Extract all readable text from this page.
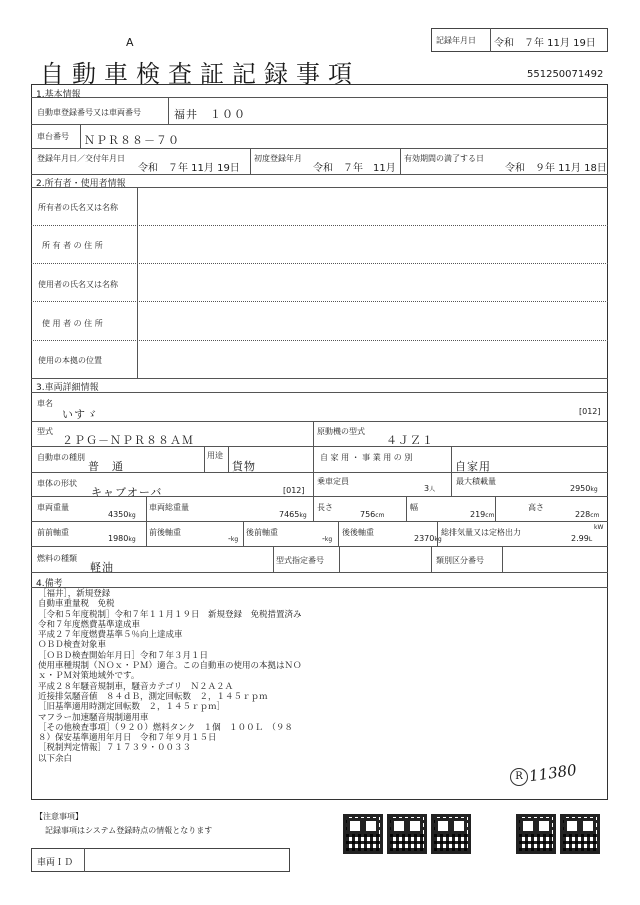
A
自動車検査証記録事項
記録年月日 令和　７年 11月 19日
551250071492
1.基本情報
自動車登録番号又は車両番号	福井　１００
車台番号 ＮＰＲ８８－７０
登録年月日／交付年月日
令和　７年 11月 19日
初度登録年月
令和　７年　11月
有効期間の満了する日
令和　９年 11月 18日
2.所有者・使用者情報
所有者の氏名又は名称
所 有 者 の 住 所
使用者の氏名又は名称
使 用 者 の 住 所
使用の本拠の位置
3.車両詳細情報
車名
いすゞ	[012]
型式
２ＰＧ－ＮＰＲ８８ＡＭ
原動機の型式
４ＪＺ１
自動車の種別
普　通
用途
貨物
自 家 用 ・ 事 業 用 の 別
自家用
車体の形状
キャブオーバ	[012]
乗車定員
3人
最大積載量
2950kg
車両重量
4350kg
車両総重量
7465kg
長さ
756cm
幅
219cm
高さ
228cm
前前軸重
1980kg
前後軸重
-kg
後前軸重
-kg
後後軸重
2370kg
総排気量又は定格出力
2.99L
kW
燃料の種類
軽油
型式指定番号	類別区分番号
4.備考
［福井］，新規登録
自動車重量税　免税
［令和５年度税制］令和７年１１月１９日　新規登録　免税措置済み
令和７年度燃費基準達成車
平成２７年度燃費基準５％向上達成車
ＯＢＤ検査対象車
［ＯＢＤ検査開始年月日］令和７年３月１日
使用車種規制（ＮＯｘ・ＰＭ）適合。この自動車の使用の本拠はＮＯ
ｘ・ＰＭ対策地域外です。
平成２８年騒音規制車，騒音カテゴリ　Ｎ２Ａ２Ａ
近接排気騒音値　８４ｄＢ，測定回転数　２，１４５ｒｐｍ
［旧基準適用時測定回転数　２，１４５ｒｐｍ］
マフラー加速騒音規制適用車
［その他検査事項］（９２０）燃料タンク　１個　１００Ｌ　（９８
８）保安基準適用年月日　令和７年９月１５日
［税制判定情報］７１７３９・００３３
以下余白
R 11380
【注意事項】
記録事項はシステム登録時点の情報となります
車両ＩＤ
